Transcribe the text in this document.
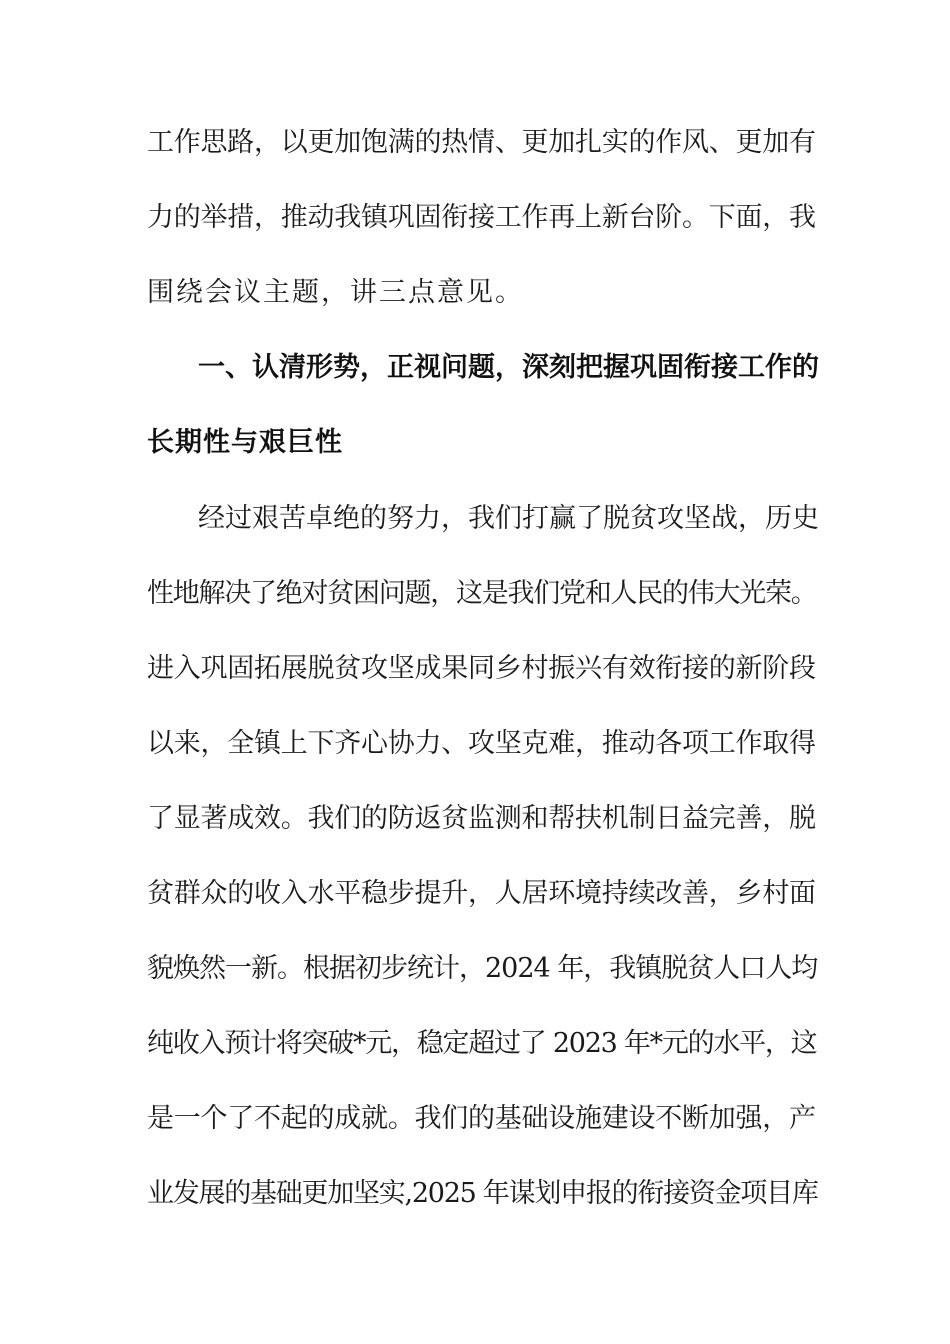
工作思路，以更加饱满的热情、更加扎实的作风、更加有
力的举措，推动我镇巩固衔接工作再上新台阶。下面，我
围绕会议主题，讲三点意见。
一、认清形势，正视问题，深刻把握巩固衔接工作的
长期性与艰巨性
经过艰苦卓绝的努力，我们打赢了脱贫攻坚战，历史
性地解决了绝对贫困问题，这是我们党和人民的伟大光荣。
进入巩固拓展脱贫攻坚成果同乡村振兴有效衔接的新阶段
以来，全镇上下齐心协力、攻坚克难，推动各项工作取得
了显著成效。我们的防返贫监测和帮扶机制日益完善，脱
贫群众的收入水平稳步提升，人居环境持续改善，乡村面
貌焕然一新。根据初步统计，2024 年，我镇脱贫人口人均
纯收入预计将突破*元，稳定超过了 2023 年*元的水平，这
是一个了不起的成就。我们的基础设施建设不断加强，产
业发展的基础更加坚实,2025 年谋划申报的衔接资金项目库
